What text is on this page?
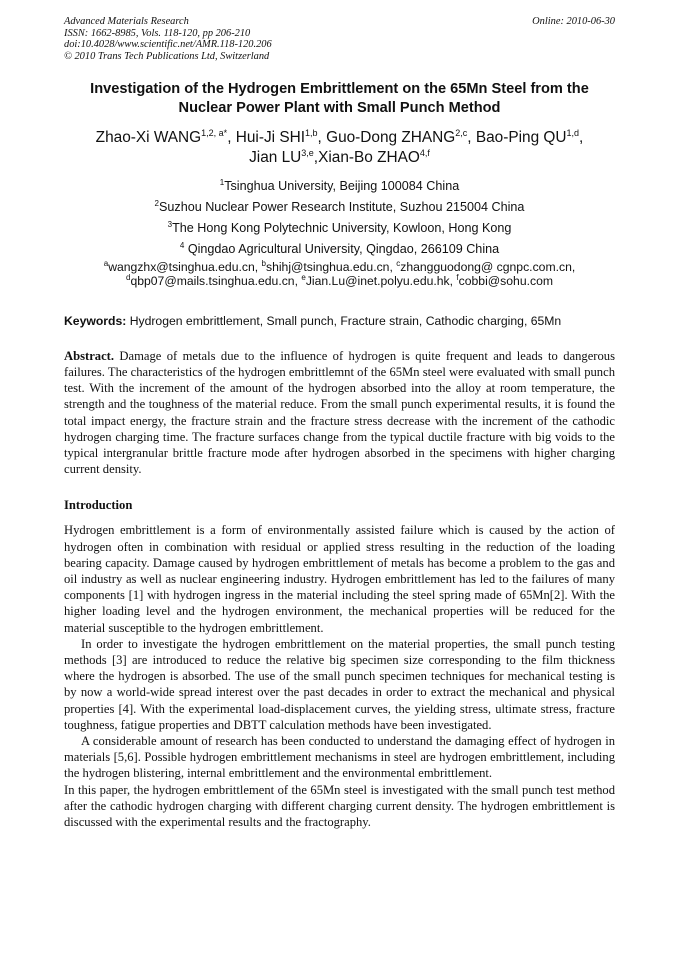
Advanced Materials Research
ISSN: 1662-8985, Vols. 118-120, pp 206-210
doi:10.4028/www.scientific.net/AMR.118-120.206
© 2010 Trans Tech Publications Ltd, Switzerland
Online: 2010-06-30
Investigation of the Hydrogen Embrittlement on the 65Mn Steel from the
Nuclear Power Plant with Small Punch Method
Zhao-Xi $WANG^{1,2, a*}$, Hui-Ji SHI$^{1,b}$, Guo-Dong ZHANG$^{2,c}$, Bao-Ping QU$^{1,d}$,
Jian LU$^{3,e}$,Xian-Bo ZHAO$^{4,f}$
$^1$Tsinghua University, Beijing 100084 China
$^2$Suzhou Nuclear Power Research Institute, Suzhou 215004 China
$^3$The Hong Kong Polytechnic University, Kowloon, Hong Kong
$^4$ Qingdao Agricultural University, Qingdao, 266109 China
$^a$wangzhx@tsinghua.edu.cn, $^b$shihj@tsinghua.edu.cn, $^c$zhangguodong@ cgnpc.com.cn,
$^d$qbp07@mails.tsinghua.edu.cn, $^e$Jian.Lu@inet.polyu.edu.hk, $^f$cobbi@sohu.com
Keywords: Hydrogen embrittlement, Small punch, Fracture strain, Cathodic charging, 65Mn
Abstract. Damage of metals due to the influence of hydrogen is quite frequent and leads to dangerous failures. The characteristics of the hydrogen embrittlemnt of the 65Mn steel were evaluated with small punch test. With the increment of the amount of the hydrogen absorbed into the alloy at room temperature, the strength and the toughness of the material reduce. From the small punch experimental results, it is found the total impact energy, the fracture strain and the fracture stress decrease with the increment of the cathodic hydrogen charging time. The fracture surfaces change from the typical ductile fracture with big voids to the typical intergranular brittle fracture mode after hydrogen absorbed in the specimens with higher charging current density.
Introduction

Hydrogen embrittlement is a form of environmentally assisted failure which is caused by the action of hydrogen often in combination with residual or applied stress resulting in the reduction of the loading bearing capacity. Damage caused by hydrogen embrittlement of metals has become a problem to the gas and oil industry as well as nuclear engineering industry. Hydrogen embrittlement has led to the failures of many components [1] with hydrogen ingress in the material including the steel spring made of 65Mn[2]. With the higher loading level and the hydrogen environment, the mechanical properties will be reduced for the material susceptible to the hydrogen embrittlement.

In order to investigate the hydrogen embrittlement on the material properties, the small punch testing methods [3] are introduced to reduce the relative big specimen size corresponding to the film thickness where the hydrogen is absorbed. The use of the small punch specimen techniques for mechanical testing is by now a world-wide spread interest over the past decades in order to extract the mechanical and physical properties [4]. With the experimental load-displacement curves, the yielding stress, ultimate stress, fracture toughness, fatigue properties and DBTT calculation methods have been investigated.

A considerable amount of research has been conducted to understand the damaging effect of hydrogen in materials [5,6]. Possible hydrogen embrittlement mechanisms in steel are hydrogen embrittlement, including the hydrogen blistering, internal embrittlement and the environmental embrittlement.

In this paper, the hydrogen embrittlement of the 65Mn steel is investigated with the small punch test method after the cathodic hydrogen charging with different charging current density. The hydrogen embrittlement is discussed with the experimental results and the fractography.
